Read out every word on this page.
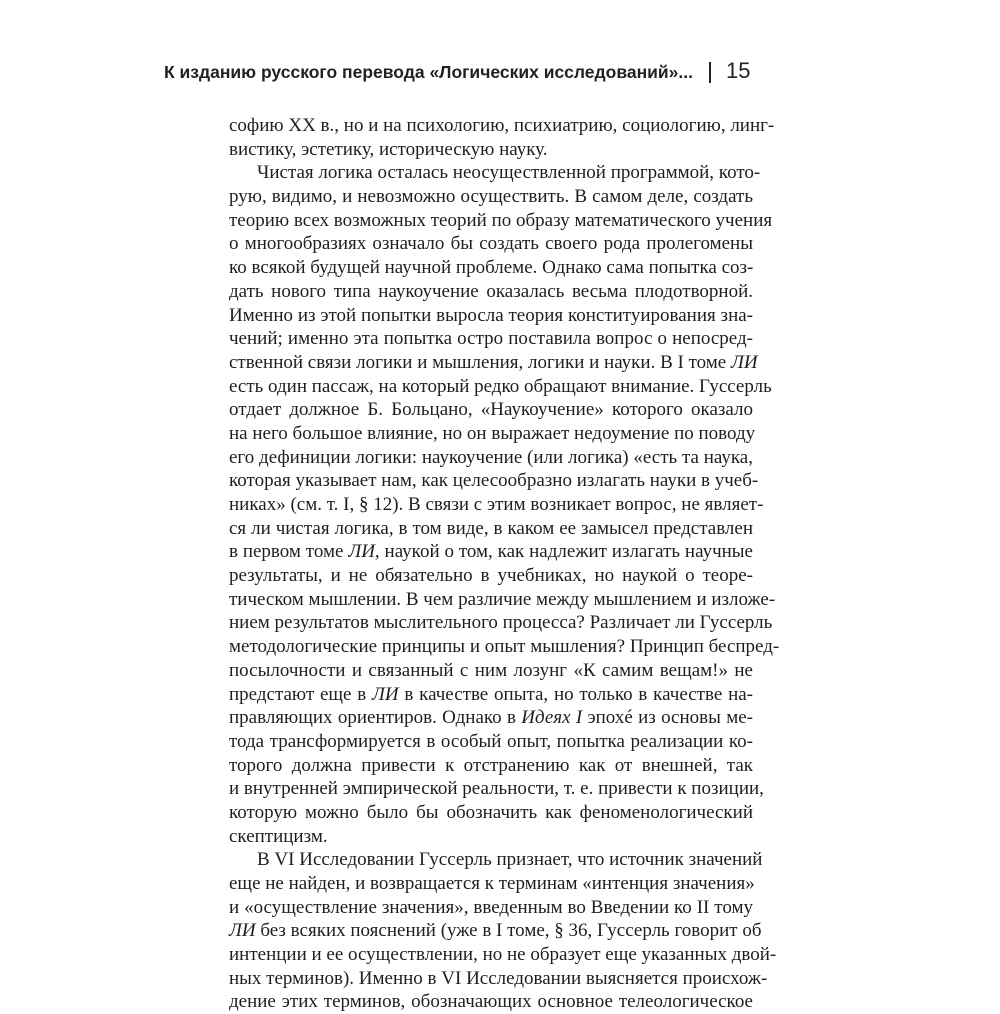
К изданию русского перевода «Логических исследований»... 15
софию XX в., но и на психологию, психиатрию, социологию, линг-
вистику, эстетику, историческую науку.
Чистая логика осталась неосуществленной программой, кото-
рую, видимо, и невозможно осуществить. В самом деле, создать
теорию всех возможных теорий по образу математического учения
о многообразиях означало бы создать своего рода пролегомены
ко всякой будущей научной проблеме. Однако сама попытка соз-
дать нового типа наукоучение оказалась весьма плодотворной.
Именно из этой попытки выросла теория конституирования зна-
чений; именно эта попытка остро поставила вопрос о непосред-
ственной связи логики и мышления, логики и науки. В I томе ЛИ
есть один пассаж, на который редко обращают внимание. Гуссерль
отдает должное Б. Больцано, «Наукоучение» которого оказало
на него большое влияние, но он выражает недоумение по поводу
его дефиниции логики: наукоучение (или логика) «есть та наука,
которая указывает нам, как целесообразно излагать науки в учеб-
никах» (см. т. I, § 12). В связи с этим возникает вопрос, не являет-
ся ли чистая логика, в том виде, в каком ее замысел представлен
в первом томе ЛИ, наукой о том, как надлежит излагать научные
результаты, и не обязательно в учебниках, но наукой о теоре-
тическом мышлении. В чем различие между мышлением и изложе-
нием результатов мыслительного процесса? Различает ли Гуссерль
методологические принципы и опыт мышления? Принцип беспред-
посылочности и связанный с ним лозунг «К самим вещам!» не
предстают еще в ЛИ в качестве опыта, но только в качестве на-
правляющих ориентиров. Однако в Идеях I эпохé из основы ме-
тода трансформируется в особый опыт, попытка реализации ко-
торого должна привести к отстранению как от внешней, так
и внутренней эмпирической реальности, т. е. привести к позиции,
которую можно было бы обозначить как феноменологический
скептицизм.
В VI Исследовании Гуссерль признает, что источник значений
еще не найден, и возвращается к терминам «интенция значения»
и «осуществление значения», введенным во Введении ко II тому
ЛИ без всяких пояснений (уже в I томе, § 36, Гуссерль говорит об
интенции и ее осуществлении, но не образует еще указанных двой-
ных терминов). Именно в VI Исследовании выясняется происхож-
дение этих терминов, обозначающих основное телеологическое
